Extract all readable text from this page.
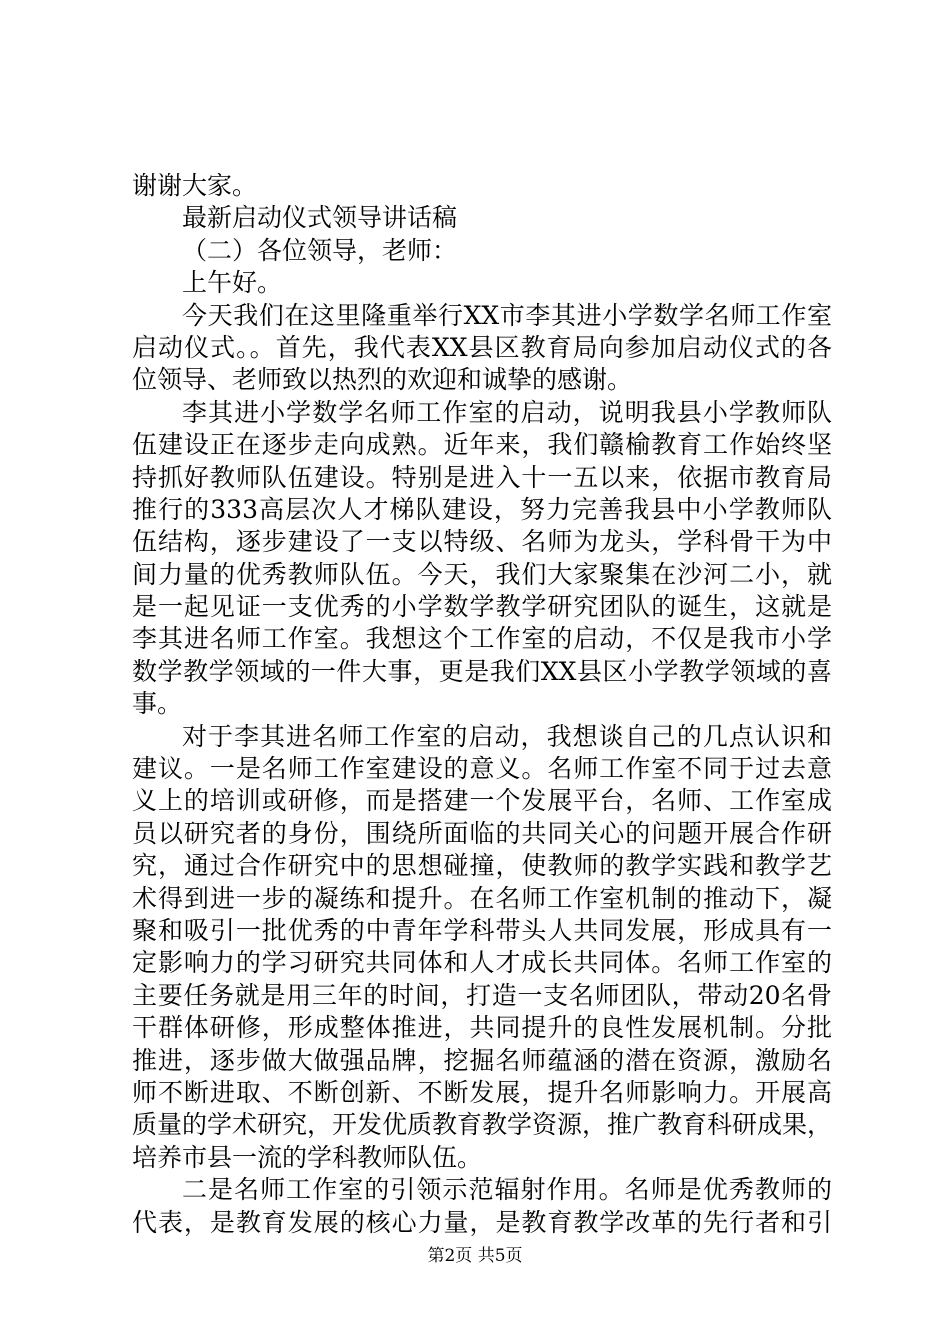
谢谢大家。
最新启动仪式领导讲话稿
（二）各位领导，老师：
上午好。
今天我们在这里隆重举行XX市李其进小学数学名师工作室
启动仪式。。首先，我代表XX县区教育局向参加启动仪式的各
位领导、老师致以热烈的欢迎和诚挚的感谢。
李其进小学数学名师工作室的启动，说明我县小学教师队
伍建设正在逐步走向成熟。近年来，我们赣榆教育工作始终坚
持抓好教师队伍建设。特别是进入十一五以来，依据市教育局
推行的333高层次人才梯队建设，努力完善我县中小学教师队
伍结构，逐步建设了一支以特级、名师为龙头，学科骨干为中
间力量的优秀教师队伍。今天，我们大家聚集在沙河二小，就
是一起见证一支优秀的小学数学教学研究团队的诞生，这就是
李其进名师工作室。我想这个工作室的启动，不仅是我市小学
数学教学领域的一件大事，更是我们XX县区小学教学领域的喜
事。
对于李其进名师工作室的启动，我想谈自己的几点认识和
建议。一是名师工作室建设的意义。名师工作室不同于过去意
义上的培训或研修，而是搭建一个发展平台，名师、工作室成
员以研究者的身份，围绕所面临的共同关心的问题开展合作研
究，通过合作研究中的思想碰撞，使教师的教学实践和教学艺
术得到进一步的凝练和提升。在名师工作室机制的推动下，凝
聚和吸引一批优秀的中青年学科带头人共同发展，形成具有一
定影响力的学习研究共同体和人才成长共同体。名师工作室的
主要任务就是用三年的时间，打造一支名师团队，带动20名骨
干群体研修，形成整体推进，共同提升的良性发展机制。分批
推进，逐步做大做强品牌，挖掘名师蕴涵的潜在资源，激励名
师不断进取、不断创新、不断发展，提升名师影响力。开展高
质量的学术研究，开发优质教育教学资源，推广教育科研成果，
培养市县一流的学科教师队伍。
二是名师工作室的引领示范辐射作用。名师是优秀教师的
代表，是教育发展的核心力量，是教育教学改革的先行者和引
第2页 共5页
